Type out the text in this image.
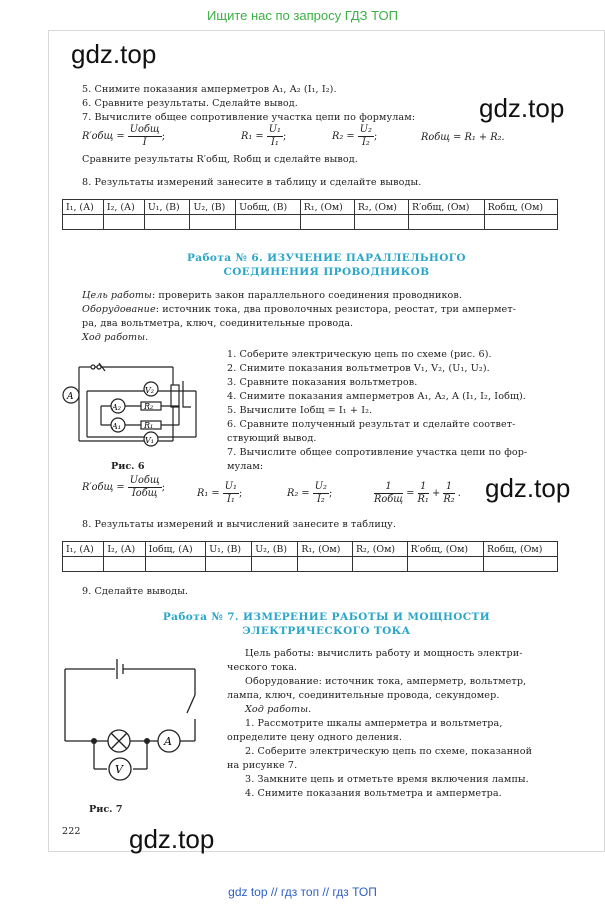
Ищите нас по запросу ГДЗ ТОП
gdz.top
gdz.top
5. Снимите показания амперметров A₁, A₂ (I₁, I₂).
6. Сравните результаты. Сделайте вывод.
7. Вычислите общее сопротивление участка цепи по формулам:
$R'общ = \frac{\text{Uобщ}}{I}$ ;	$R_1 = \frac{\text{U₁}}{\text{I₁}}$ ;	$R_2 = \frac{\text{U₂}}{\text{I₂}}$ ;	Rобщ = R₁ + R₂.
Сравните результаты R′общ, Rобщ и сделайте вывод.
8. Результаты измерений занесите в таблицу и сделайте выводы.
I₁, (А)	I₂, (А)	U₁, (В)	U₂, (В)	Uобщ, (В)	R₁, (Ом)	R₂, (Ом)	R′общ, (Ом)	Rобщ, (Ом)

Работа № 6. ИЗУЧЕНИЕ ПАРАЛЛЕЛЬНОГО
СОЕДИНЕНИЯ ПРОВОДНИКОВ
Цель работы: проверить закон параллельного соединения проводников.
Оборудование: источник тока, два проволочных резистора, реостат, три ампермет-
ра, два вольтметра, ключ, соединительные провода.
Ход работы.
A
V₂
A₂	R₂
A₁	R₁
V₁
Рис. 6
1. Соберите электрическую цепь по схеме (рис. 6).
2. Снимите показания вольтметров V₁, V₂, (U₁, U₂).
3. Сравните показания вольтметров.
4. Снимите показания амперметров A₁, A₂, A (I₁, I₂, Iобщ).
5. Вычислите Iобщ = I₁ + I₂.
6. Сравните полученный результат и сделайте соответ-
ствующий вывод.
7. Вычислите общее сопротивление участка цепи по фор-
мулам:
$R'общ = \frac{\text{Uобщ}}{\text{Iобщ}}$ ;
$R_1 = \frac{\text{U₁}}{\text{I₁}}$ ;	$R_2 = \frac{\text{U₂}}{\text{I₂}}$ ;	$\frac{1}{\text{Rобщ}} = \frac{1}{\text{R₁}} + \frac{1}{\text{R₂}}$ . gdz.top
8. Результаты измерений и вычислений занесите в таблицу.
I₁, (А)	I₂, (А)	Iобщ, (А)	U₁, (В)	U₂, (В)	R₁, (Ом)	R₂, (Ом)	R′общ, (Ом)	Rобщ, (Ом)

9. Сделайте выводы.
Работа № 7. ИЗМЕРЕНИЕ РАБОТЫ И МОЩНОСТИ
ЭЛЕКТРИЧЕСКОГО ТОКА
A
V
Рис. 7
Цель работы: вычислить работу и мощность электри-
ческого тока.
Оборудование: источник тока, амперметр, вольтметр,
лампа, ключ, соединительные провода, секундомер.
Ход работы.
1. Рассмотрите шкалы амперметра и вольтметра,
определите цену одного деления.
2. Соберите электрическую цепь по схеме, показанной
на рисунке 7.
3. Замкните цепь и отметьте время включения лампы.
4. Снимите показания вольтметра и амперметра.
222 gdz.top
gdz top // гдз топ // гдз ТОП
